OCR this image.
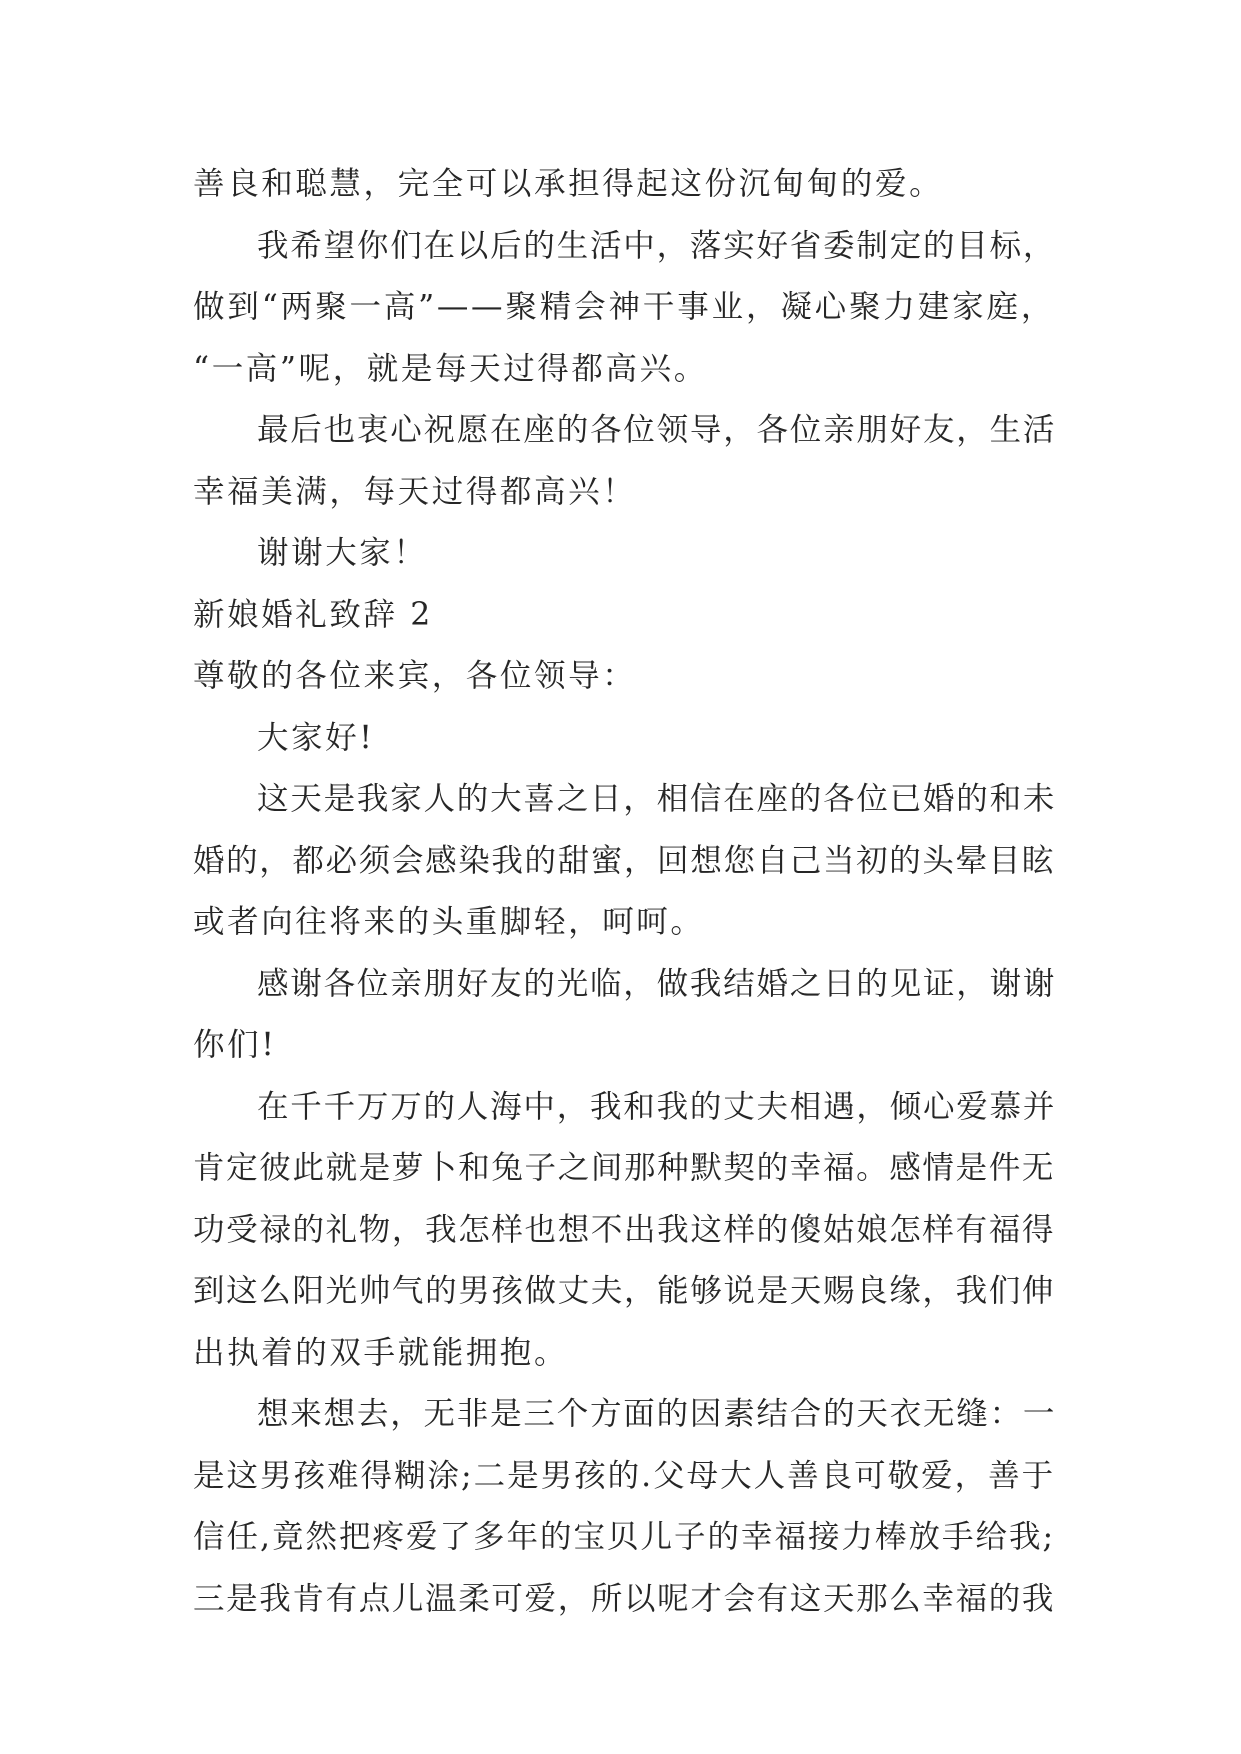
善良和聪慧，完全可以承担得起这份沉甸甸的爱。
我希望你们在以后的生活中，落实好省委制定的目标，
做到“两聚一高”——聚精会神干事业，凝心聚力建家庭，
“一高”呢，就是每天过得都高兴。
最后也衷心祝愿在座的各位领导，各位亲朋好友，生活
幸福美满，每天过得都高兴！
谢谢大家！
新娘婚礼致辞 2
尊敬的各位来宾，各位领导：
大家好!
这天是我家人的大喜之日，相信在座的各位已婚的和未
婚的，都必须会感染我的甜蜜，回想您自己当初的头晕目眩
或者向往将来的头重脚轻，呵呵。
感谢各位亲朋好友的光临，做我结婚之日的见证，谢谢
你们!
在千千万万的人海中，我和我的丈夫相遇，倾心爱慕并
肯定彼此就是萝卜和兔子之间那种默契的幸福。感情是件无
功受禄的礼物，我怎样也想不出我这样的傻姑娘怎样有福得
到这么阳光帅气的男孩做丈夫，能够说是天赐良缘，我们伸
出执着的双手就能拥抱。
想来想去，无非是三个方面的因素结合的天衣无缝：一
是这男孩难得糊涂;二是男孩的.父母大人善良可敬爱，善于
信任,竟然把疼爱了多年的宝贝儿子的幸福接力棒放手给我;
三是我肯有点儿温柔可爱，所以呢才会有这天那么幸福的我
